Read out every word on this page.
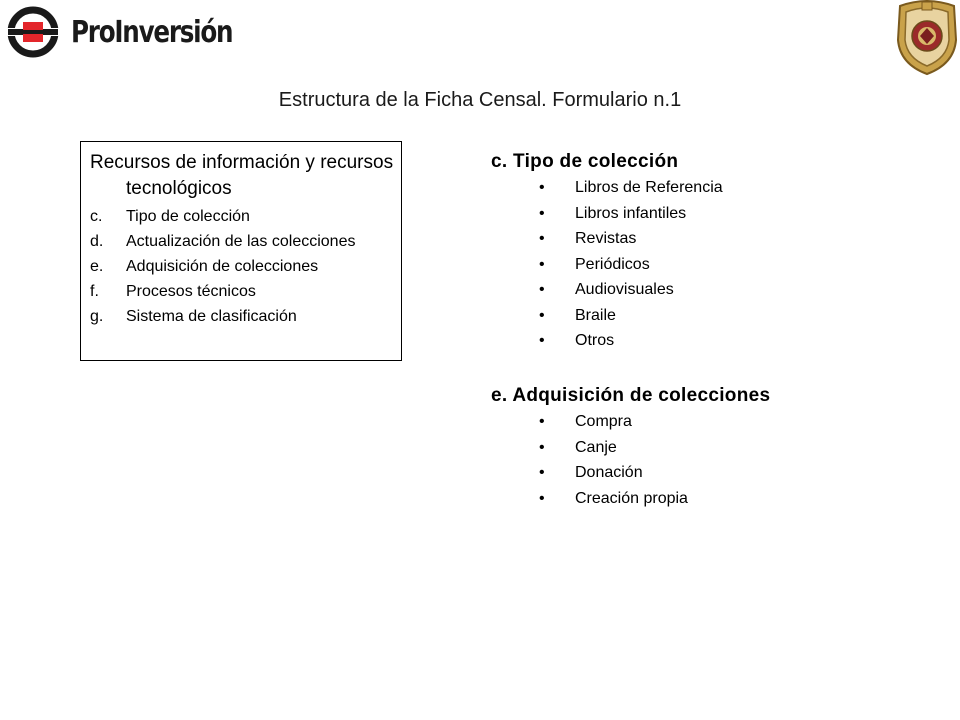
ProInversión
Estructura de la Ficha Censal. Formulario n.1
Recursos de información y recursos tecnológicos
c.	Tipo de colección
d.	Actualización de las colecciones
e.	Adquisición de colecciones
f.	Procesos técnicos
g.	Sistema de clasificación
c. Tipo de colección
• Libros de Referencia
• Libros infantiles
• Revistas
• Periódicos
• Audiovisuales
• Braile
• Otros
e. Adquisición de colecciones
• Compra
• Canje
• Donación
• Creación propia
